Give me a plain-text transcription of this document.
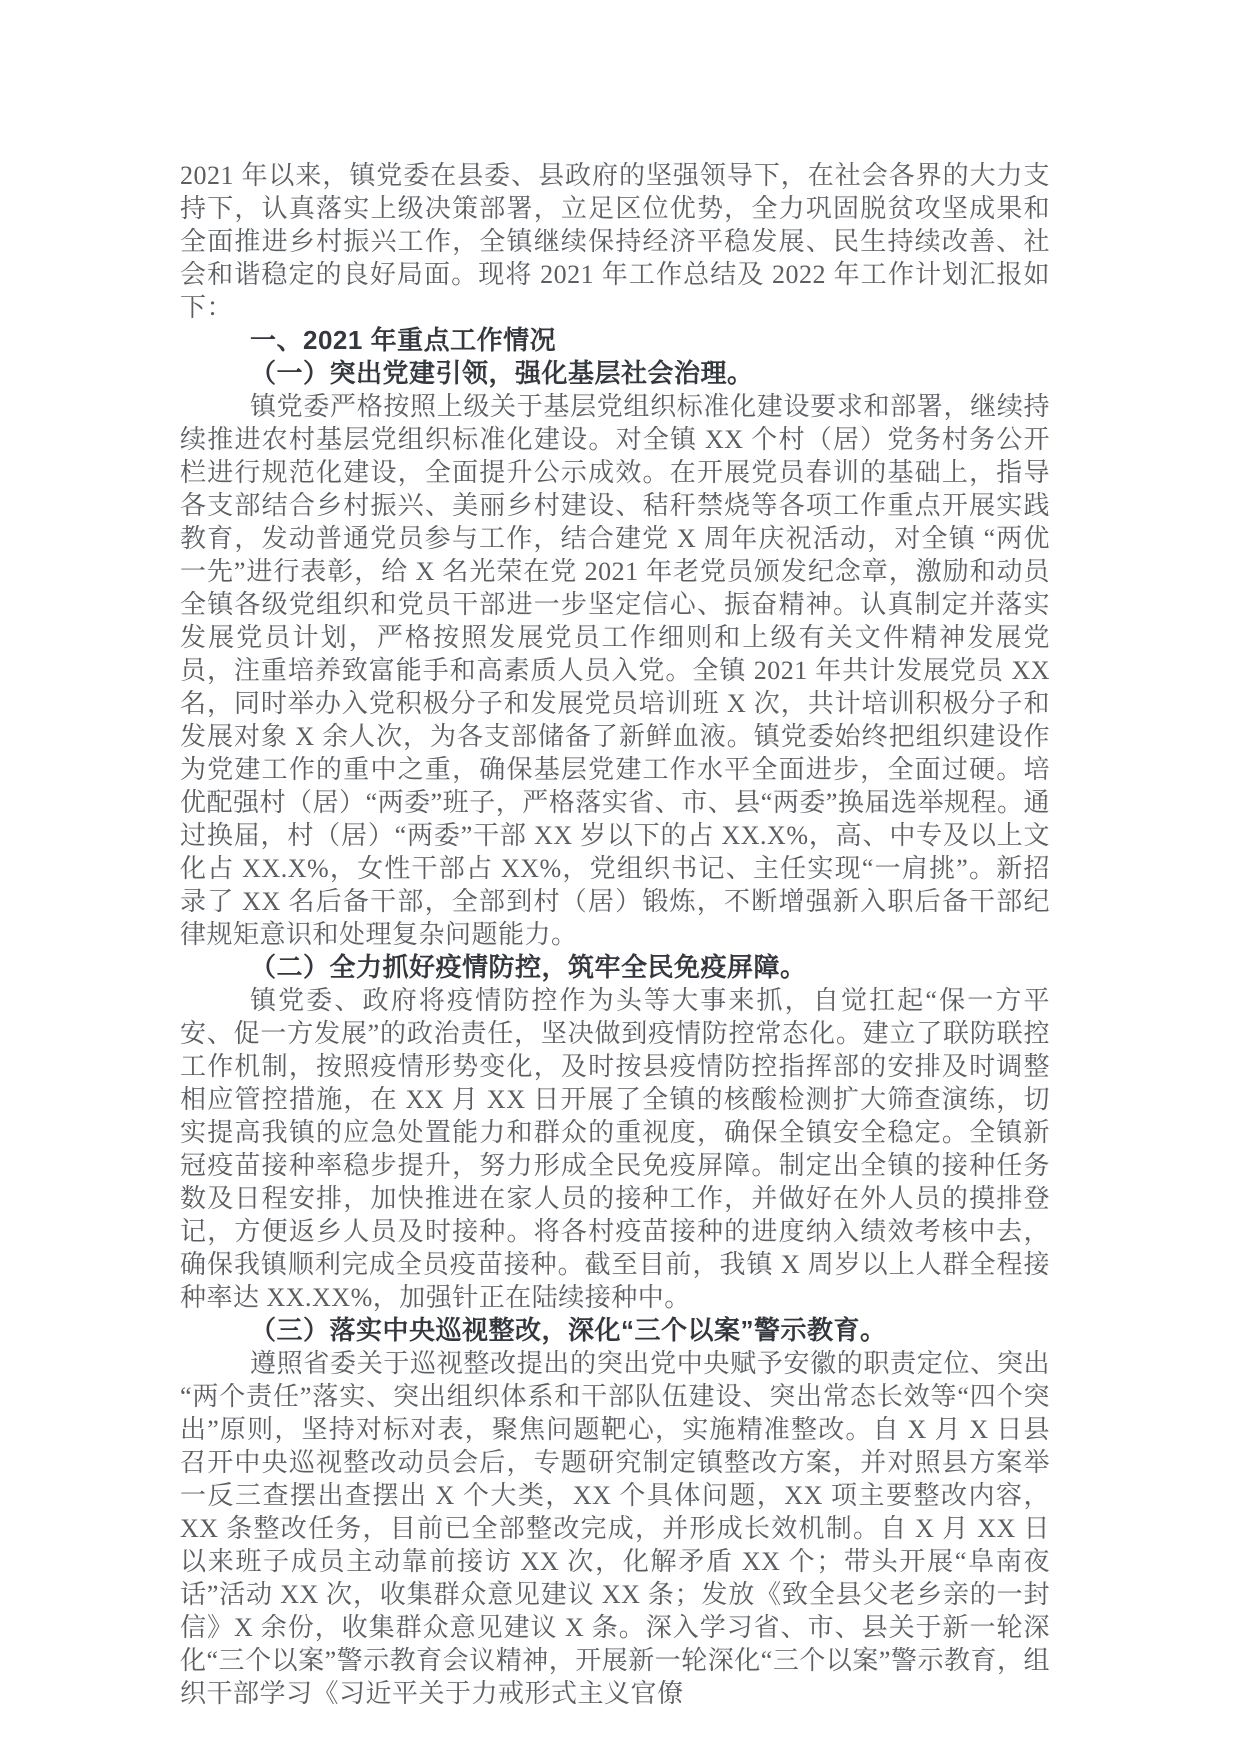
2021 年以来，镇党委在县委、县政府的坚强领导下，在社会各界的大力支持下，认真落实上级决策部署，立足区位优势，全力巩固脱贫攻坚成果和全面推进乡村振兴工作，全镇继续保持经济平稳发展、民生持续改善、社会和谐稳定的良好局面。现将 2021 年工作总结及 2022 年工作计划汇报如下：

一、2021 年重点工作情况

（一）突出党建引领，强化基层社会治理。

镇党委严格按照上级关于基层党组织标准化建设要求和部署，继续持续推进农村基层党组织标准化建设。对全镇 XX 个村（居）党务村务公开栏进行规范化建设，全面提升公示成效。在开展党员春训的基础上，指导各支部结合乡村振兴、美丽乡村建设、秸秆禁烧等各项工作重点开展实践教育，发动普通党员参与工作，结合建党 X 周年庆祝活动，对全镇 “两优一先”进行表彰，给 X 名光荣在党 2021 年老党员颁发纪念章，激励和动员全镇各级党组织和党员干部进一步坚定信心、振奋精神。认真制定并落实发展党员计划，严格按照发展党员工作细则和上级有关文件精神发展党员，注重培养致富能手和高素质人员入党。全镇 2021 年共计发展党员 XX 名，同时举办入党积极分子和发展党员培训班 X 次，共计培训积极分子和发展对象 X 余人次，为各支部储备了新鲜血液。镇党委始终把组织建设作为党建工作的重中之重，确保基层党建工作水平全面进步，全面过硬。培优配强村（居）“两委”班子，严格落实省、市、县“两委”换届选举规程。通过换届，村（居）“两委”干部 XX 岁以下的占 XX.X%，高、中专及以上文化占 XX.X%，女性干部占 XX%，党组织书记、主任实现“一肩挑”。新招录了 XX 名后备干部，全部到村（居）锻炼，不断增强新入职后备干部纪律规矩意识和处理复杂问题能力。

（二）全力抓好疫情防控，筑牢全民免疫屏障。

镇党委、政府将疫情防控作为头等大事来抓，自觉扛起“保一方平安、促一方发展”的政治责任，坚决做到疫情防控常态化。建立了联防联控工作机制，按照疫情形势变化，及时按县疫情防控指挥部的安排及时调整相应管控措施，在 XX 月 XX 日开展了全镇的核酸检测扩大筛查演练，切实提高我镇的应急处置能力和群众的重视度，确保全镇安全稳定。全镇新冠疫苗接种率稳步提升，努力形成全民免疫屏障。制定出全镇的接种任务数及日程安排，加快推进在家人员的接种工作，并做好在外人员的摸排登记，方便返乡人员及时接种。将各村疫苗接种的进度纳入绩效考核中去，确保我镇顺利完成全员疫苗接种。截至目前，我镇 X 周岁以上人群全程接种率达 XX.XX%，加强针正在陆续接种中。

（三）落实中央巡视整改，深化“三个以案”警示教育。

遵照省委关于巡视整改提出的突出党中央赋予安徽的职责定位、突出“两个责任”落实、突出组织体系和干部队伍建设、突出常态长效等“四个突出”原则，坚持对标对表，聚焦问题靶心，实施精准整改。自 X 月 X 日县召开中央巡视整改动员会后，专题研究制定镇整改方案，并对照县方案举一反三查摆出查摆出 X 个大类，XX 个具体问题，XX 项主要整改内容，XX 条整改任务，目前已全部整改完成，并形成长效机制。自 X 月 XX 日以来班子成员主动靠前接访 XX 次，化解矛盾 XX 个；带头开展“阜南夜话”活动 XX 次，收集群众意见建议 XX 条；发放《致全县父老乡亲的一封信》X 余份，收集群众意见建议 X 条。深入学习省、市、县关于新一轮深化“三个以案”警示教育会议精神，开展新一轮深化“三个以案”警示教育，组织干部学习《习近平关于力戒形式主义官僚
